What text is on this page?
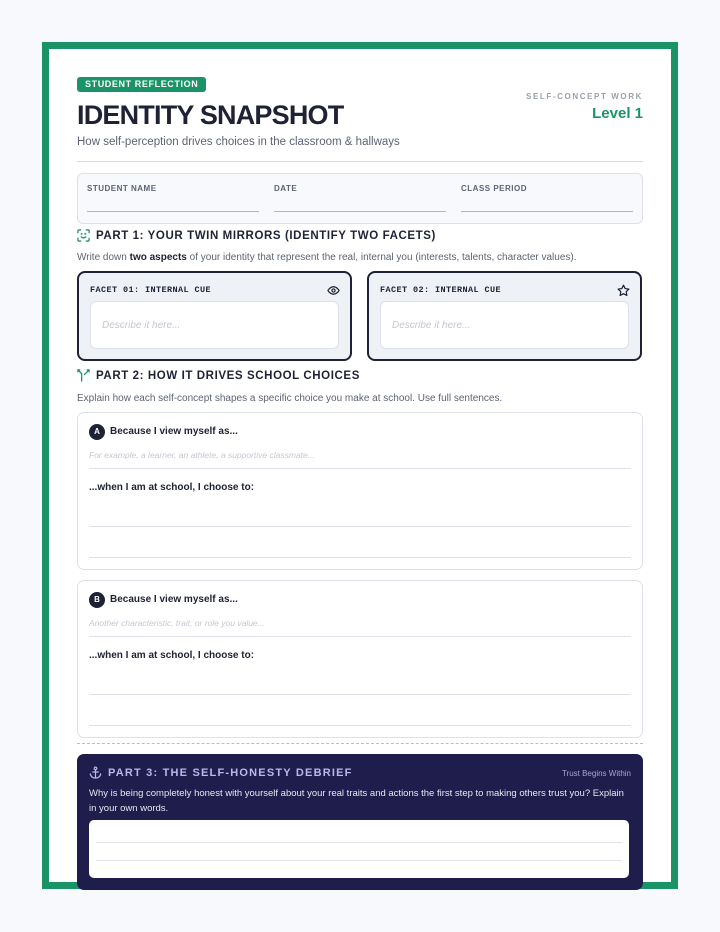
STUDENT REFLECTION
IDENTITY SNAPSHOT

How self-perception drives choices in the classroom & hallways

SELF-CONCEPT WORK
Level 1
STUDENT NAME	DATE	CLASS PERIOD
PART 1: YOUR TWIN MIRRORS (IDENTIFY TWO FACETS)

Write down two aspects of your identity that represent the real, internal you (interests, talents, character values).

FACET 01: INTERNAL CUE
Describe it here...
FACET 02: INTERNAL CUE
Describe it here...
PART 2: HOW IT DRIVES SCHOOL CHOICES

Explain how each self-concept shapes a specific choice you make at school. Use full sentences.

A	Because I view myself as...
For example, a learner, an athlete, a supportive classmate...
...when I am at school, I choose to:
B	Because I view myself as...
Another characteristic, trait, or role you value...
...when I am at school, I choose to:
PART 3: THE SELF-HONESTY DEBRIEF	Trust Begins Within

Why is being completely honest with yourself about your real traits and actions the first step to making others trust you? Explain in your own words.
